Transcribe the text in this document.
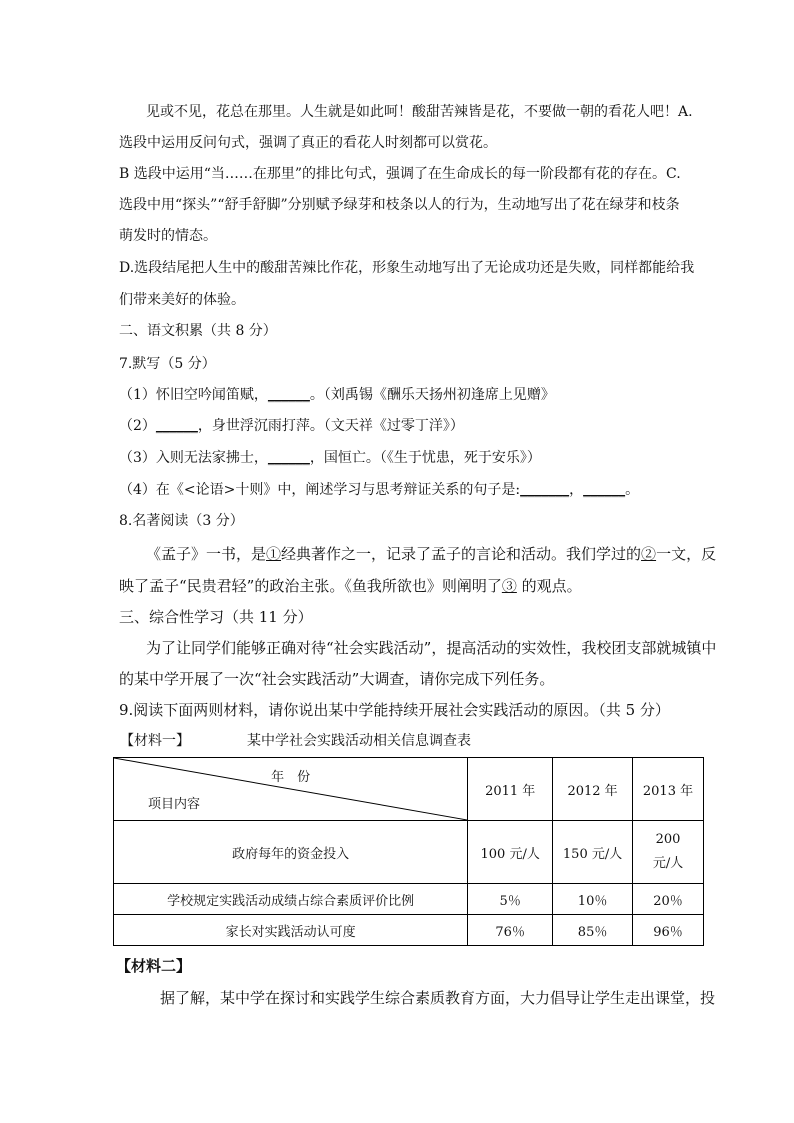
见或不见，花总在那里。人生就是如此呵！酸甜苦辣皆是花，不要做一朝的看花人吧！ A.
选段中运用反问句式，强调了真正的看花人时刻都可以赏花。
B 选段中运用“当……在那里”的排比句式，强调了在生命成长的每一阶段都有花的存在。C.
选段中用“探头”“舒手舒脚”分别赋予绿芽和枝条以人的行为，生动地写出了花在绿芽和枝条
萌发时的情态。
D.选段结尾把人生中的酸甜苦辣比作花，形象生动地写出了无论成功还是失败，同样都能给 我
们带来美好的体验。
二、语文积累（共 8 分）
7.默写（5 分）
（1）怀旧空吟闻笛赋，______。（刘禹锡《酬乐天扬州初逢席上见赠》
（2）______，身世浮沉雨打萍。（文天祥《过零丁洋》）
（3）入则无法家拂士，______，国恒亡。（《生于忧患，死于安乐》）
（4）在《<论语>十则》中，阐述学习与思考辩证关系的句子是:_______，______。
8.名著阅读（3 分）
《孟子》一书，是①经典著作之一，记录了孟子的言论和活动。我们学过的②一文，反
映了孟子“民贵君轻”的政治主张。《鱼我所欲也》则阐明了③ 的观点。
三、综合性学习（共 11 分）
为了让同学们能够正确对待“社会实践活动”，提高活动的实效性，我校团支部就城镇中
的某中学开展了一次“社会实践活动”大调查，请你完成下列任务。
9.阅读下面两则材料，请你说出某中学能持续开展社会实践活动的原因。（共 5 分）
【材料一】	某中学社会实践活动相关信息调查表
年　份
项目内容	2011 年	2012 年	2013 年
政府每年的资金投入	100 元/人	150 元/人	200 元/人
学校规定实践活动成绩占综合素质评价比例	5％	10％	20％
家长对实践活动认可度	76％	85％	96％
【材料二】
据了解，某中学在探讨和实践学生综合素质教育方面，大力倡导让学生走出课堂，投
